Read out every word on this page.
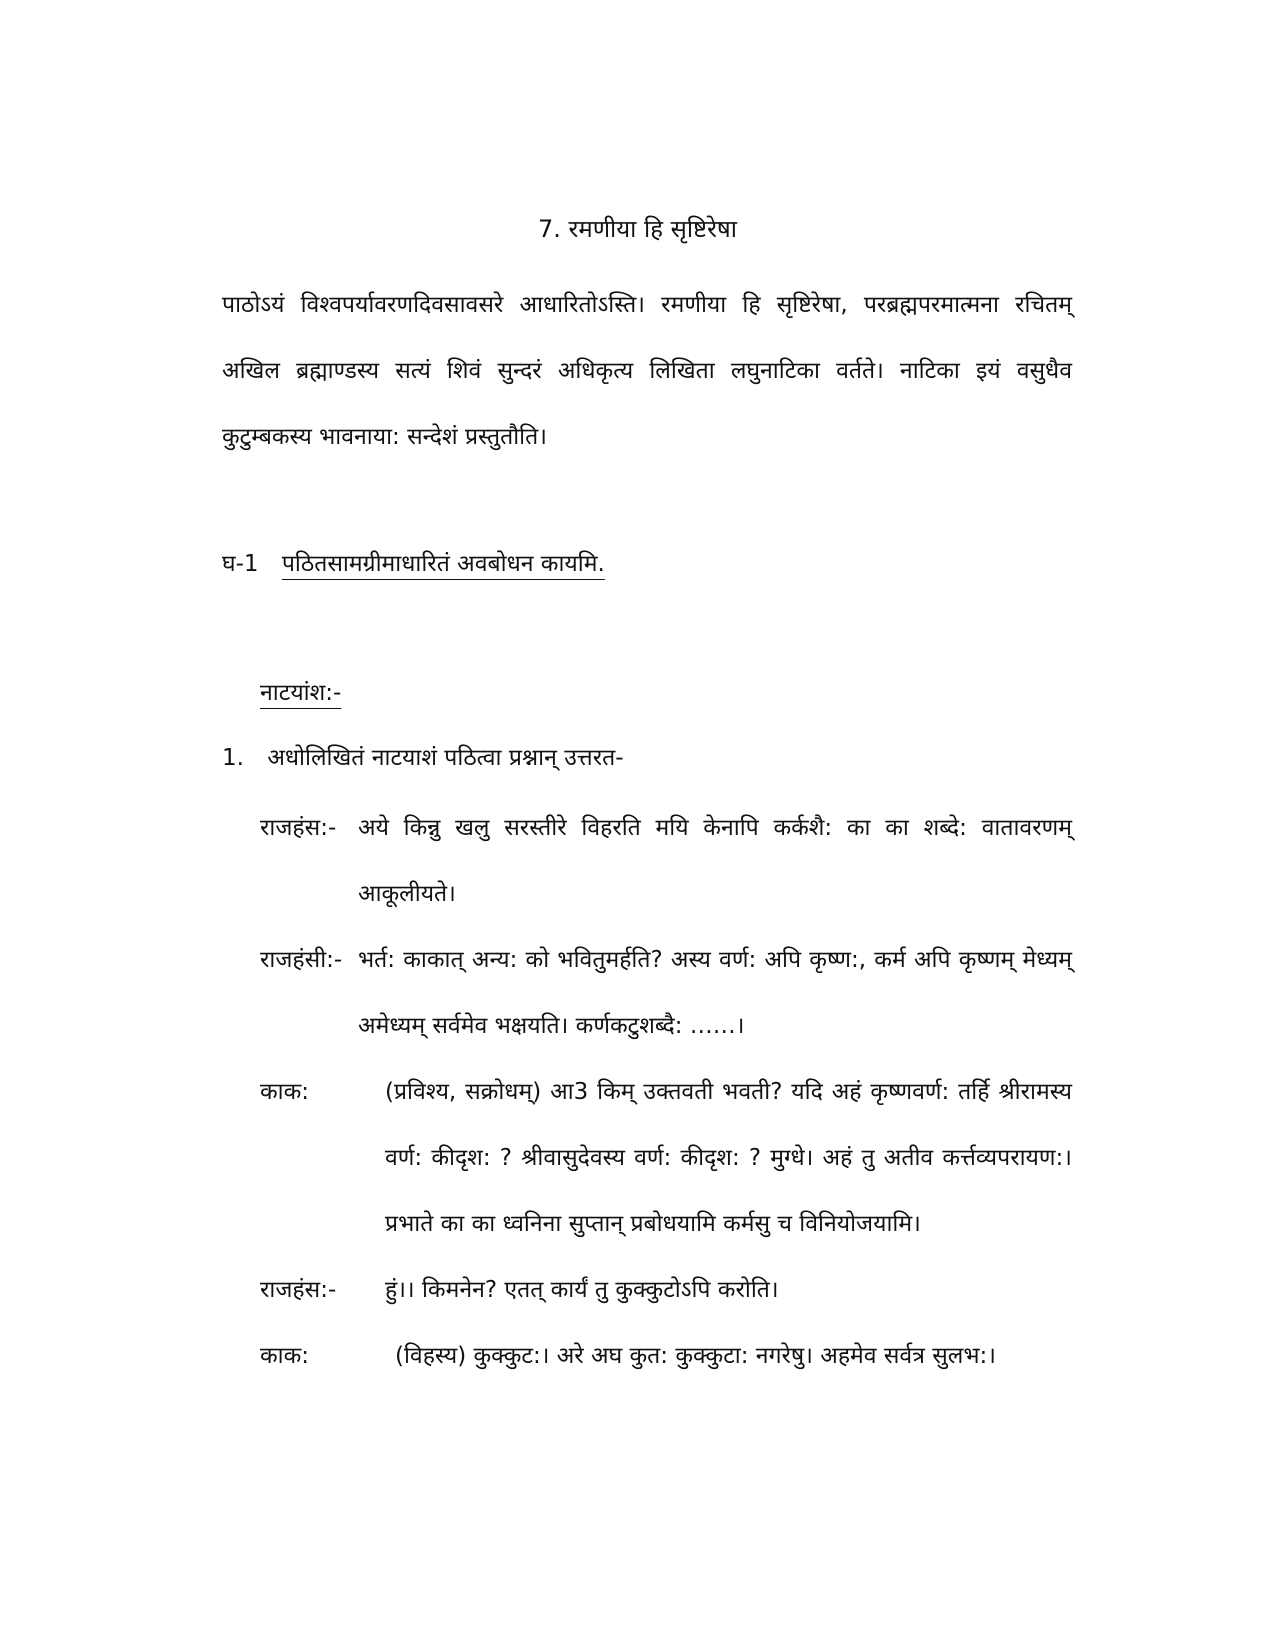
7. रमणीया हि सृष्टिरेषा

पाठोऽयं विश्वपर्यावरणदिवसावसरे आधारितोऽस्ति। रमणीया हि सृष्टिरेषा, परब्रह्मपरमात्मना रचितम् अखिल ब्रह्माण्डस्य सत्यं शिवं सुन्दरं अधिकृत्य लिखिता लघुनाटिका वर्तते। नाटिका इयं वसुधैव कुटुम्बकस्य भावनाया: सन्देशं प्रस्तुतौति।

घ-1 पठितसामग्रीमाधारितं अवबोधन कायमि.
नाटयांश:-
1. अधोलिखितं नाटयाशं पठित्वा प्रश्नान् उत्तरत-
राजहंस:- अये किन्नु खलु सरस्तीरे विहरति मयि केनापि कर्कशै: का का शब्दे: वातावरणम् आकूलीयते।
राजहंसी:- भर्त: काकात् अन्य: को भवितुमर्हति? अस्य वर्ण: अपि कृष्ण:, कर्म अपि कृष्णम् मेध्यम् अमेध्यम् सर्वमेव भक्षयति। कर्णकटुशब्दै: ……।
काक:	(प्रविश्य, सक्रोधम्) आ3 किम् उक्तवती भवती? यदि अहं कृष्णवर्ण: तर्हि श्रीरामस्य वर्ण: कीदृश: ? श्रीवासुदेवस्य वर्ण: कीदृश: ? मुग्धे। अहं तु अतीव कर्त्तव्यपरायण:। प्रभाते का का ध्वनिना सुप्तान् प्रबोधयामि कर्मसु च विनियोजयामि।
राजहंस:- हुं।। किमनेन? एतत् कार्यं तु कुक्कुटोऽपि करोति।
काक:	(विहस्य) कुक्कुट:। अरे अघ कुत: कुक्कुटा: नगरेषु। अहमेव सर्वत्र सुलभ:।
